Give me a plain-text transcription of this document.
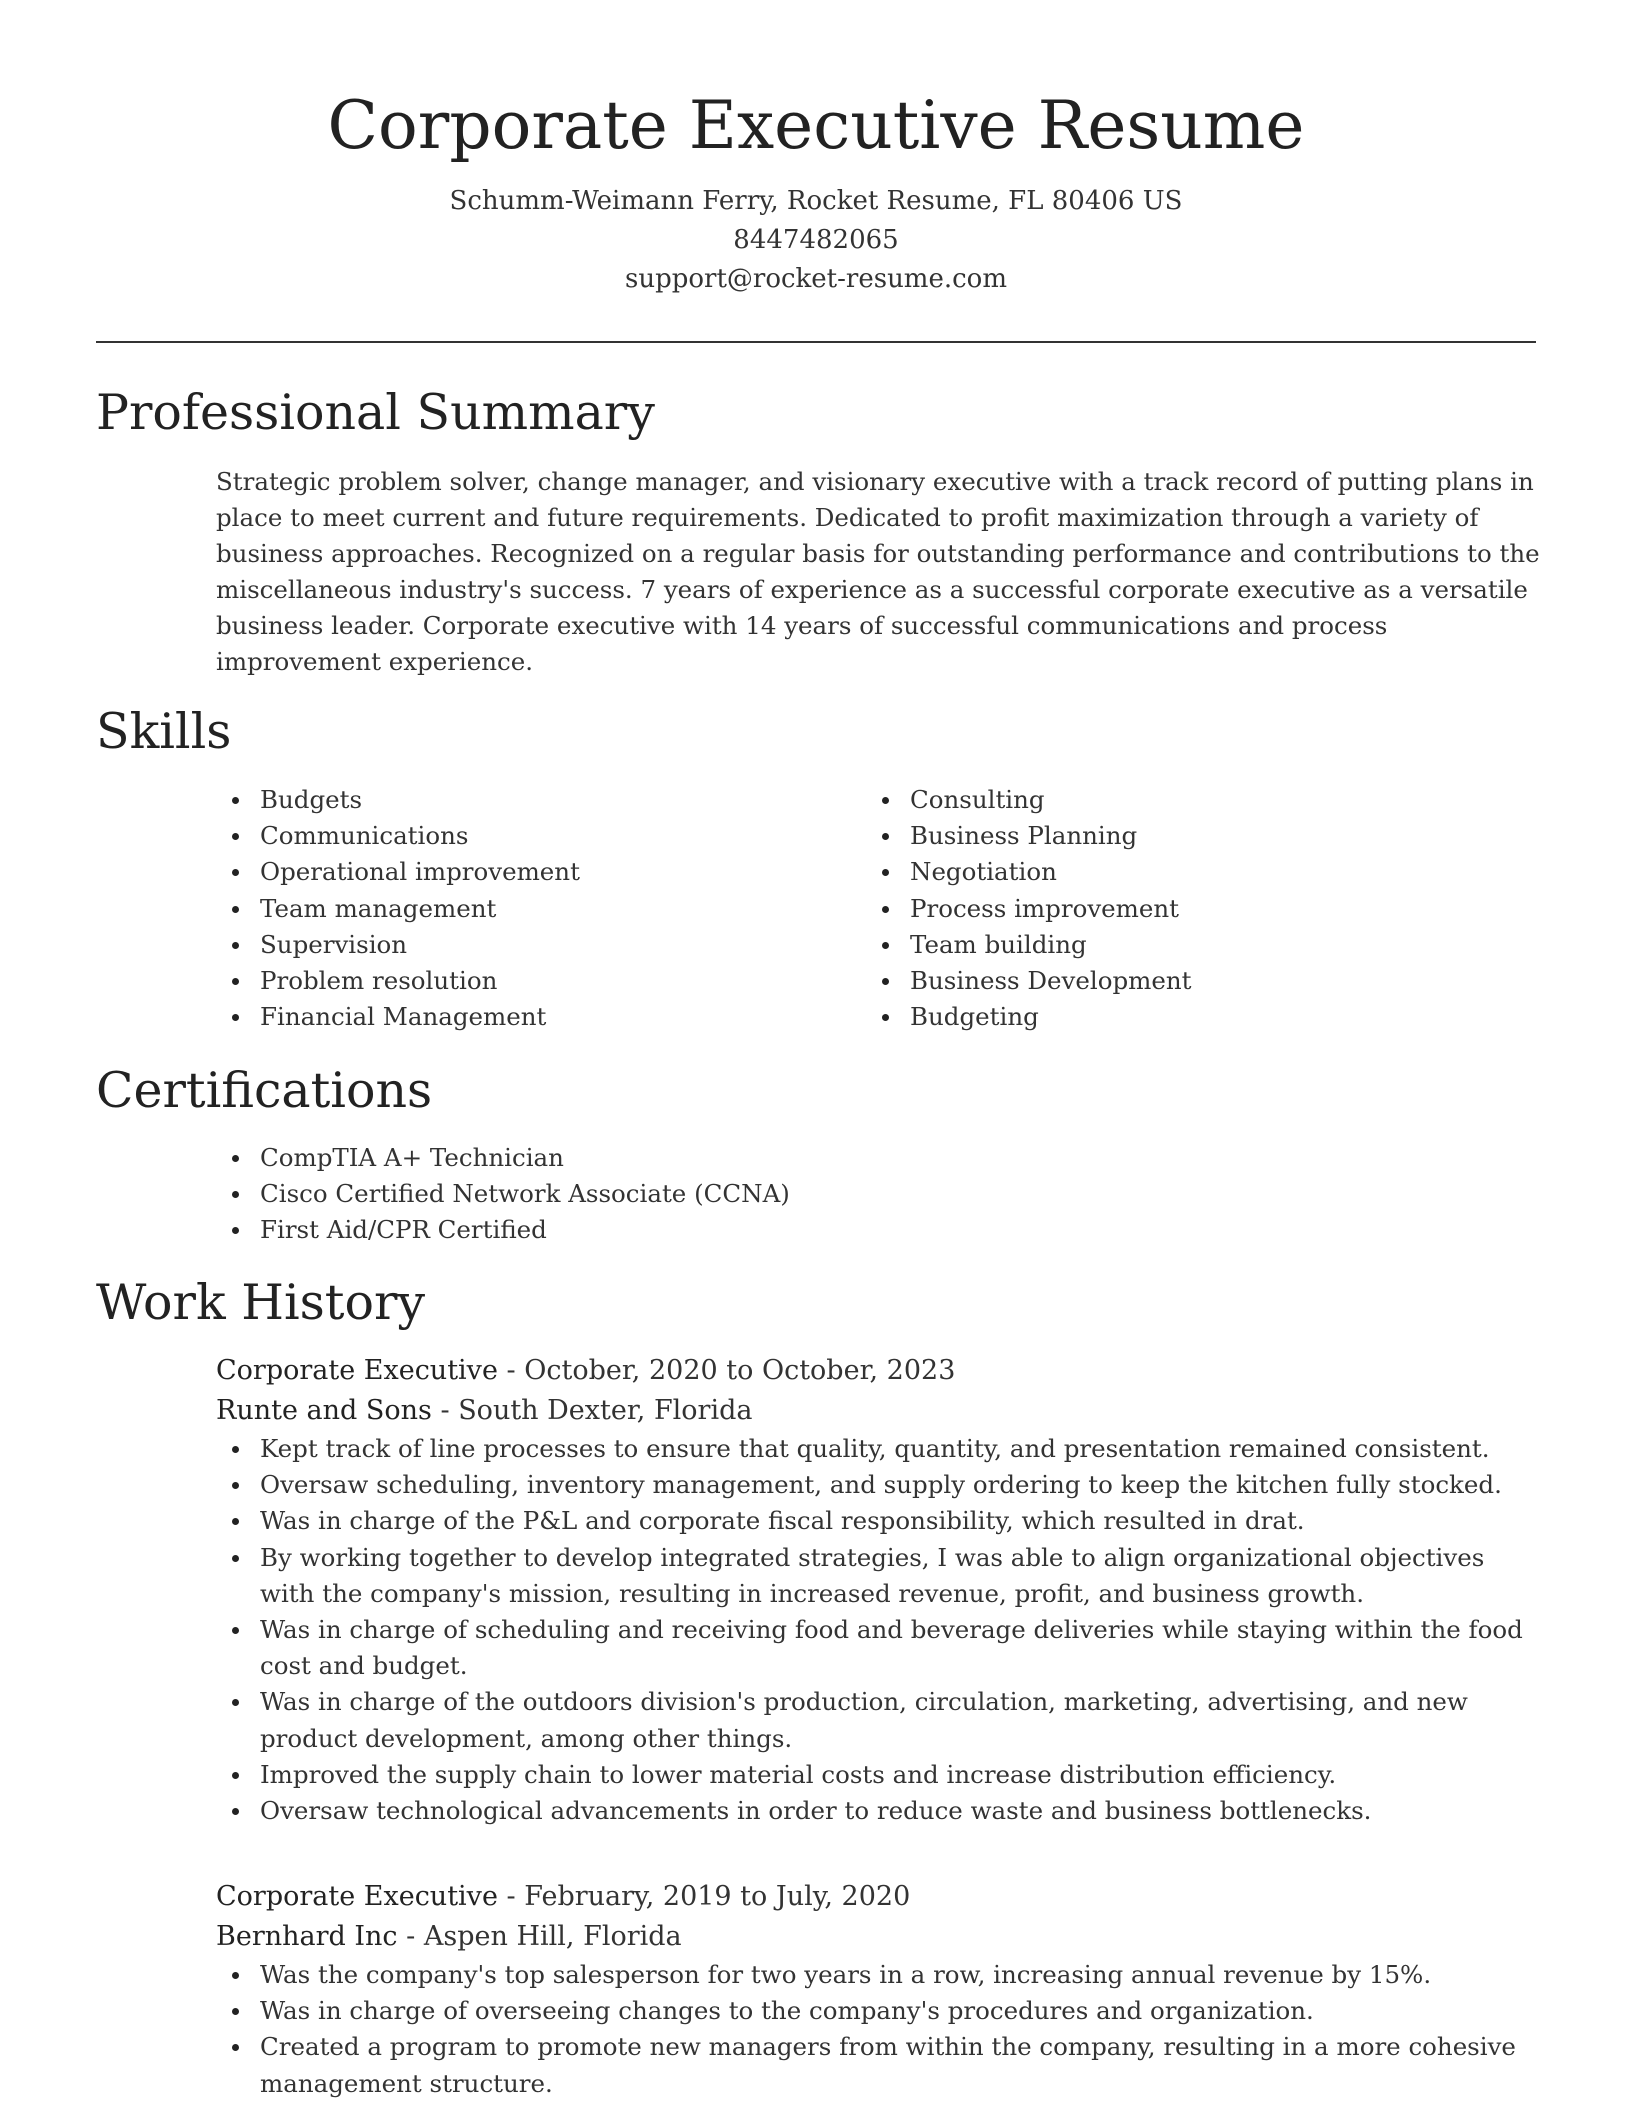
Corporate Executive Resume

Schumm-Weimann Ferry, Rocket Resume, FL 80406 US

8447482065

support@rocket-resume.com

Professional Summary

Strategic problem solver, change manager, and visionary executive with a track record of putting plans in place to meet current and future requirements. Dedicated to profit maximization through a variety of business approaches. Recognized on a regular basis for outstanding performance and contributions to the miscellaneous industry's success. 7 years of experience as a successful corporate executive as a versatile business leader. Corporate executive with 14 years of successful communications and process improvement experience.

Skills
Budgets
Communications
Operational improvement
Team management
Supervision
Problem resolution
Financial Management
Consulting
Business Planning
Negotiation
Process improvement
Team building
Business Development
Budgeting
Certifications
CompTIA A+ Technician
Cisco Certified Network Associate (CCNA)
First Aid/CPR Certified
Work History

Corporate Executive - October, 2020 to October, 2023

Runte and Sons - South Dexter, Florida

Kept track of line processes to ensure that quality, quantity, and presentation remained consistent.
Oversaw scheduling, inventory management, and supply ordering to keep the kitchen fully stocked.
Was in charge of the P&L and corporate fiscal responsibility, which resulted in drat.
By working together to develop integrated strategies, I was able to align organizational objectives with the company's mission, resulting in increased revenue, profit, and business growth.
Was in charge of scheduling and receiving food and beverage deliveries while staying within the food cost and budget.
Was in charge of the outdoors division's production, circulation, marketing, advertising, and new product development, among other things.
Improved the supply chain to lower material costs and increase distribution efficiency.
Oversaw technological advancements in order to reduce waste and business bottlenecks.

Corporate Executive - February, 2019 to July, 2020

Bernhard Inc - Aspen Hill, Florida

Was the company's top salesperson for two years in a row, increasing annual revenue by 15%.
Was in charge of overseeing changes to the company's procedures and organization.
Created a program to promote new managers from within the company, resulting in a more cohesive management structure.
